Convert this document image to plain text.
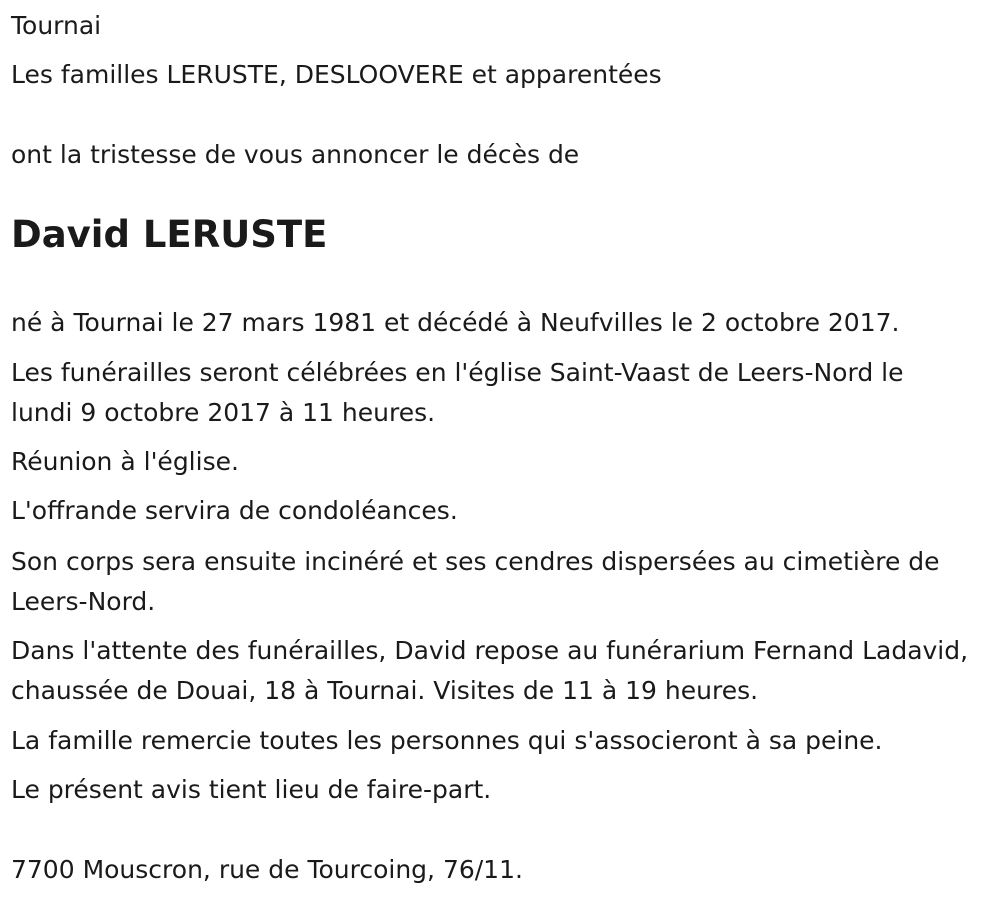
Tournai

Les familles LERUSTE, DESLOOVERE et apparentées

ont la tristesse de vous annoncer le décès de

David LERUSTE

né à Tournai le 27 mars 1981 et décédé à Neufvilles le 2 octobre 2017.

Les funérailles seront célébrées en l'église Saint-Vaast de Leers-Nord le lundi 9 octobre 2017 à 11 heures.

Réunion à l'église.

L'offrande servira de condoléances.

Son corps sera ensuite incinéré et ses cendres dispersées au cimetière de Leers-Nord.

Dans l'attente des funérailles, David repose au funérarium Fernand Ladavid, chaussée de Douai, 18 à Tournai. Visites de 11 à 19 heures.

La famille remercie toutes les personnes qui s'associeront à sa peine.

Le présent avis tient lieu de faire-part.

7700 Mouscron, rue de Tourcoing, 76/11.
